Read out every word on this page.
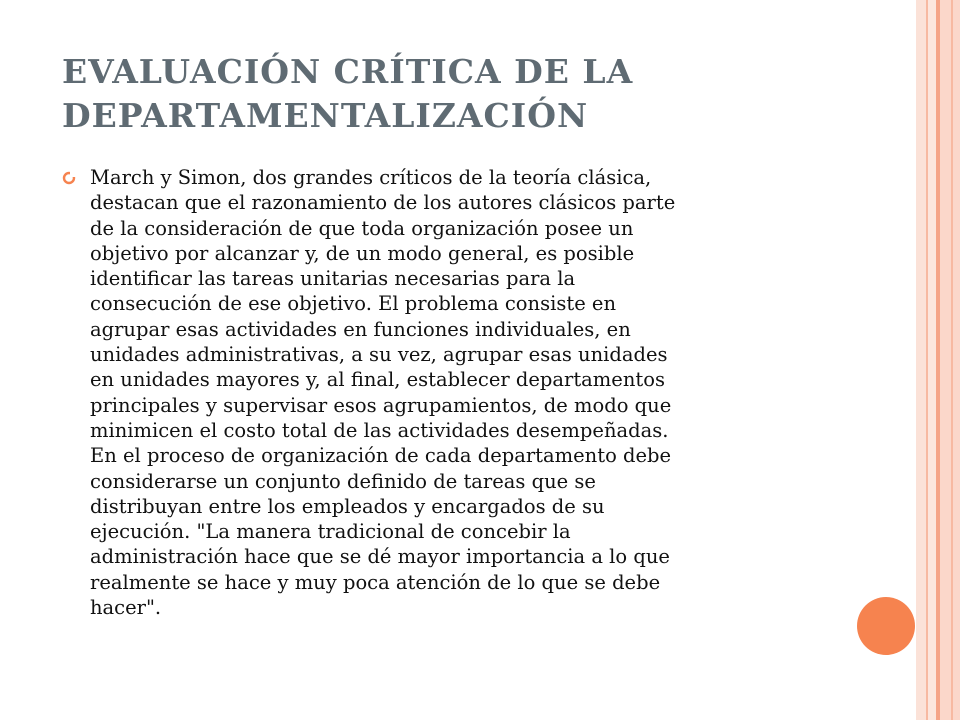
EVALUACIÓN CRÍTICA DE LA
DEPARTAMENTALIZACIÓN

March y Simon, dos grandes críticos de la teoría clásica,
destacan que el razonamiento de los autores clásicos parte
de la consideración de que toda organización posee un
objetivo por alcanzar y, de un modo general, es posible
identificar las tareas unitarias necesarias para la
consecución de ese objetivo. El problema consiste en
agrupar esas actividades en funciones individuales, en
unidades administrativas, a su vez, agrupar esas unidades
en unidades mayores y, al final, establecer departamentos
principales y supervisar esos agrupamientos, de modo que
minimicen el costo total de las actividades desempeñadas.
En el proceso de organización de cada departamento debe
considerarse un conjunto definido de tareas que se
distribuyan entre los empleados y encargados de su
ejecución. "La manera tradicional de concebir la
administración hace que se dé mayor importancia a lo que
realmente se hace y muy poca atención de lo que se debe
hacer".
